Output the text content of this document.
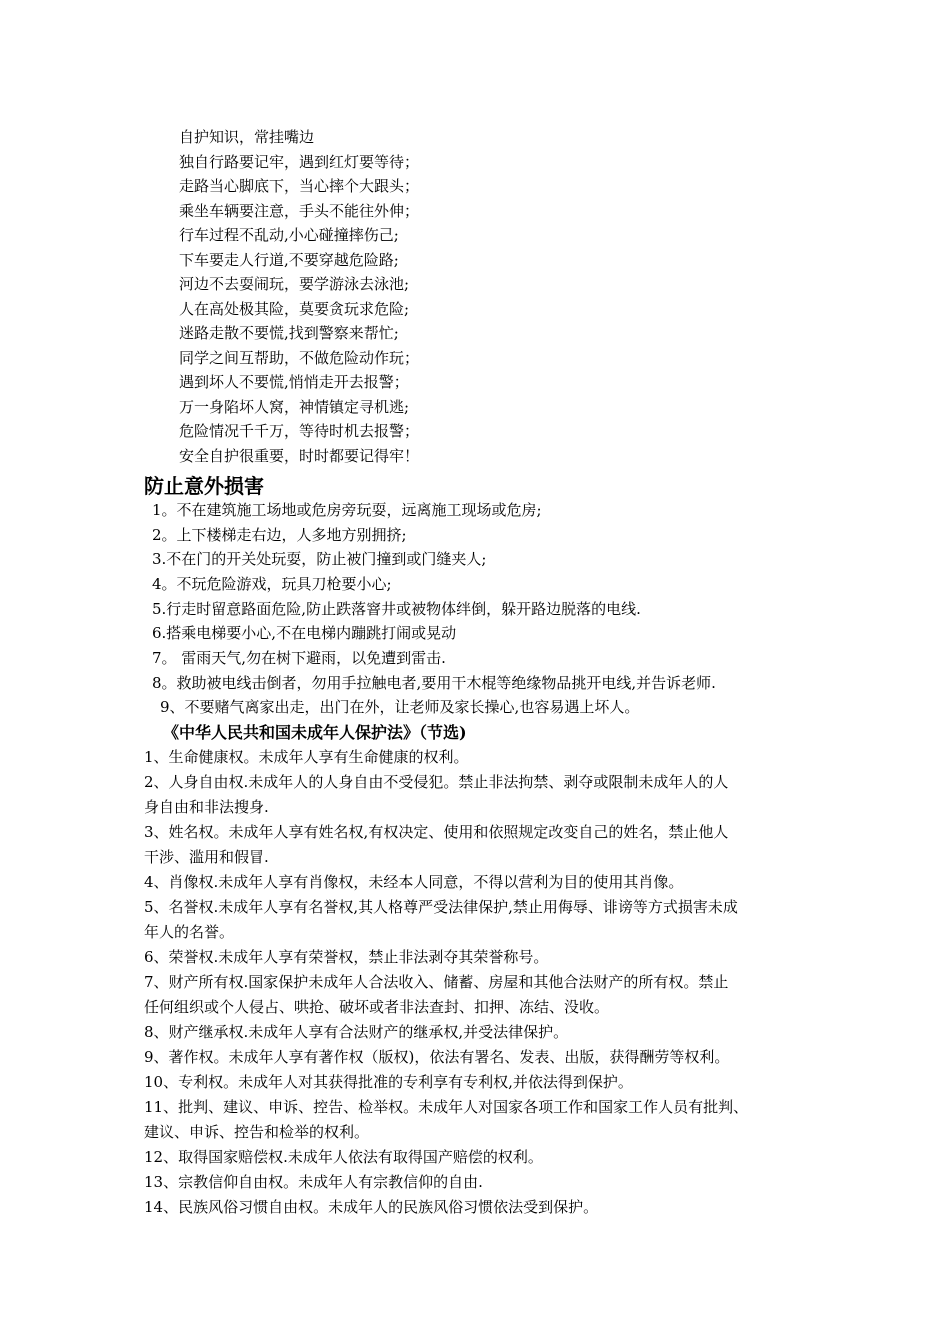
自护知识，常挂嘴边
独自行路要记牢，遇到红灯要等待；
走路当心脚底下，当心摔个大跟头；
乘坐车辆要注意，手头不能往外伸；
行车过程不乱动,小心碰撞摔伤己;
下车要走人行道,不要穿越危险路;
河边不去耍闹玩，要学游泳去泳池;
人在高处极其险，莫要贪玩求危险;
迷路走散不要慌,找到警察来帮忙;
同学之间互帮助，不做危险动作玩；
遇到坏人不要慌,悄悄走开去报警；
万一身陷坏人窝，神情镇定寻机逃;
危险情况千千万，等待时机去报警；
安全自护很重要，时时都要记得牢！
防止意外损害
1。不在建筑施工场地或危房旁玩耍，远离施工现场或危房;
2。上下楼梯走右边，人多地方别拥挤;
3.不在门的开关处玩耍，防止被门撞到或门缝夹人;
4。不玩危险游戏，玩具刀枪要小心;
5.行走时留意路面危险,防止跌落窨井或被物体绊倒，躲开路边脱落的电线.
6.搭乘电梯要小心,不在电梯内蹦跳打闹或晃动
7。 雷雨天气,勿在树下避雨，以免遭到雷击.
8。救助被电线击倒者，勿用手拉触电者,要用干木棍等绝缘物品挑开电线,并告诉老师.
9、不要赌气离家出走，出门在外，让老师及家长操心,也容易遇上坏人。
《中华人民共和国未成年人保护法》（节选)
1、生命健康权。未成年人享有生命健康的权利。
2、人身自由权.未成年人的人身自由不受侵犯。禁止非法拘禁、剥夺或限制未成年人的人
身自由和非法搜身.
3、姓名权。未成年人享有姓名权,有权决定、使用和依照规定改变自己的姓名，禁止他人
干涉、滥用和假冒.
4、肖像权.未成年人享有肖像权，未经本人同意，不得以营利为目的使用其肖像。
5、名誉权.未成年人享有名誉权,其人格尊严受法律保护,禁止用侮辱、诽谤等方式损害未成
年人的名誉。
6、荣誉权.未成年人享有荣誉权，禁止非法剥夺其荣誉称号。
7、财产所有权.国家保护未成年人合法收入、储蓄、房屋和其他合法财产的所有权。禁止
任何组织或个人侵占、哄抢、破坏或者非法查封、扣押、冻结、没收。
8、财产继承权.未成年人享有合法财产的继承权,并受法律保护。
9、著作权。未成年人享有著作权（版权)，依法有署名、发表、出版，获得酬劳等权利。
10、专利权。未成年人对其获得批准的专利享有专利权,并依法得到保护。
11、批判、建议、申诉、控告、检举权。未成年人对国家各项工作和国家工作人员有批判、
建议、申诉、控告和检举的权利。
12、取得国家赔偿权.未成年人依法有取得国产赔偿的权利。
13、宗教信仰自由权。未成年人有宗教信仰的自由.
14、民族风俗习惯自由权。未成年人的民族风俗习惯依法受到保护。
